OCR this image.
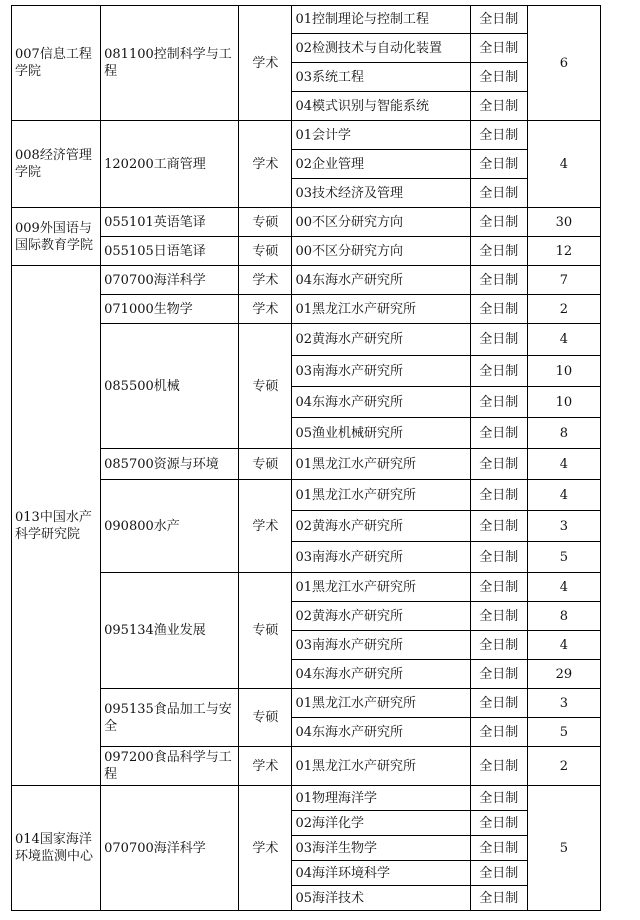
007信息工程学院	081100控制科学与工程	学术	01控制理论与控制工程	全日制	6
			02检测技术与自动化装置	全日制	
			03系统工程	全日制	
			04模式识别与智能系统	全日制	
008经济管理学院	120200工商管理	学术	01会计学	全日制	4
			02企业管理	全日制	
			03技术经济及管理	全日制	
009外国语与国际教育学院	055101英语笔译	专硕	00不区分研究方向	全日制	30
	055105日语笔译	专硕	00不区分研究方向	全日制	12
013中国水产科学研究院	070700海洋科学	学术	04东海水产研究所	全日制	7
	071000生物学	学术	01黑龙江水产研究所	全日制	2
	085500机械	专硕	02黄海水产研究所	全日制	4
			03南海水产研究所	全日制	10
			04东海水产研究所	全日制	10
			05渔业机械研究所	全日制	8
	085700资源与环境	专硕	01黑龙江水产研究所	全日制	4
	090800水产	学术	01黑龙江水产研究所	全日制	4
			02黄海水产研究所	全日制	3
			03南海水产研究所	全日制	5
	095134渔业发展	专硕	01黑龙江水产研究所	全日制	4
			02黄海水产研究所	全日制	8
			03南海水产研究所	全日制	4
			04东海水产研究所	全日制	29
	095135食品加工与安全	专硕	01黑龙江水产研究所	全日制	3
			04东海水产研究所	全日制	5
	097200食品科学与工程	学术	01黑龙江水产研究所	全日制	2
014国家海洋环境监测中心	070700海洋科学	学术	01物理海洋学	全日制	5
			02海洋化学	全日制	
			03海洋生物学	全日制	
			04海洋环境科学	全日制	
			05海洋技术	全日制	
